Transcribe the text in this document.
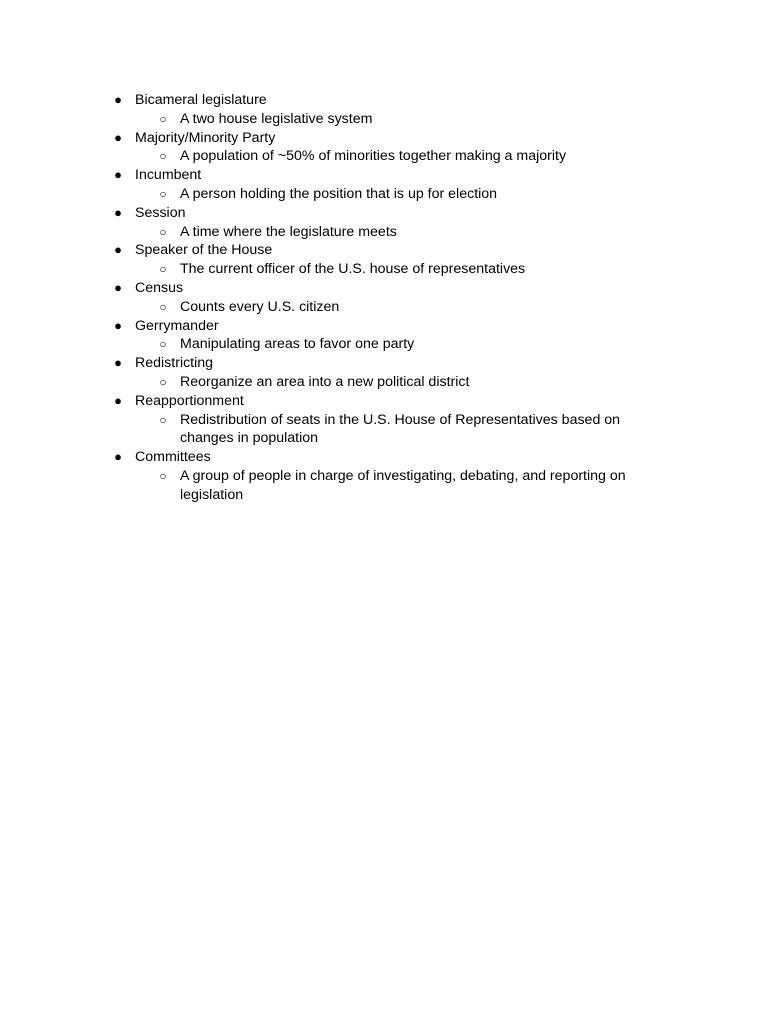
● Bicameral legislature
○ A two house legislative system
● Majority/Minority Party
○ A population of ~50% of minorities together making a majority
● Incumbent
○ A person holding the position that is up for election
● Session
○ A time where the legislature meets
● Speaker of the House
○ The current officer of the U.S. house of representatives
● Census
○ Counts every U.S. citizen
● Gerrymander
○ Manipulating areas to favor one party
● Redistricting
○ Reorganize an area into a new political district
● Reapportionment
○ Redistribution of seats in the U.S. House of Representatives based on changes in population
● Committees
○ A group of people in charge of investigating, debating, and reporting on legislation
